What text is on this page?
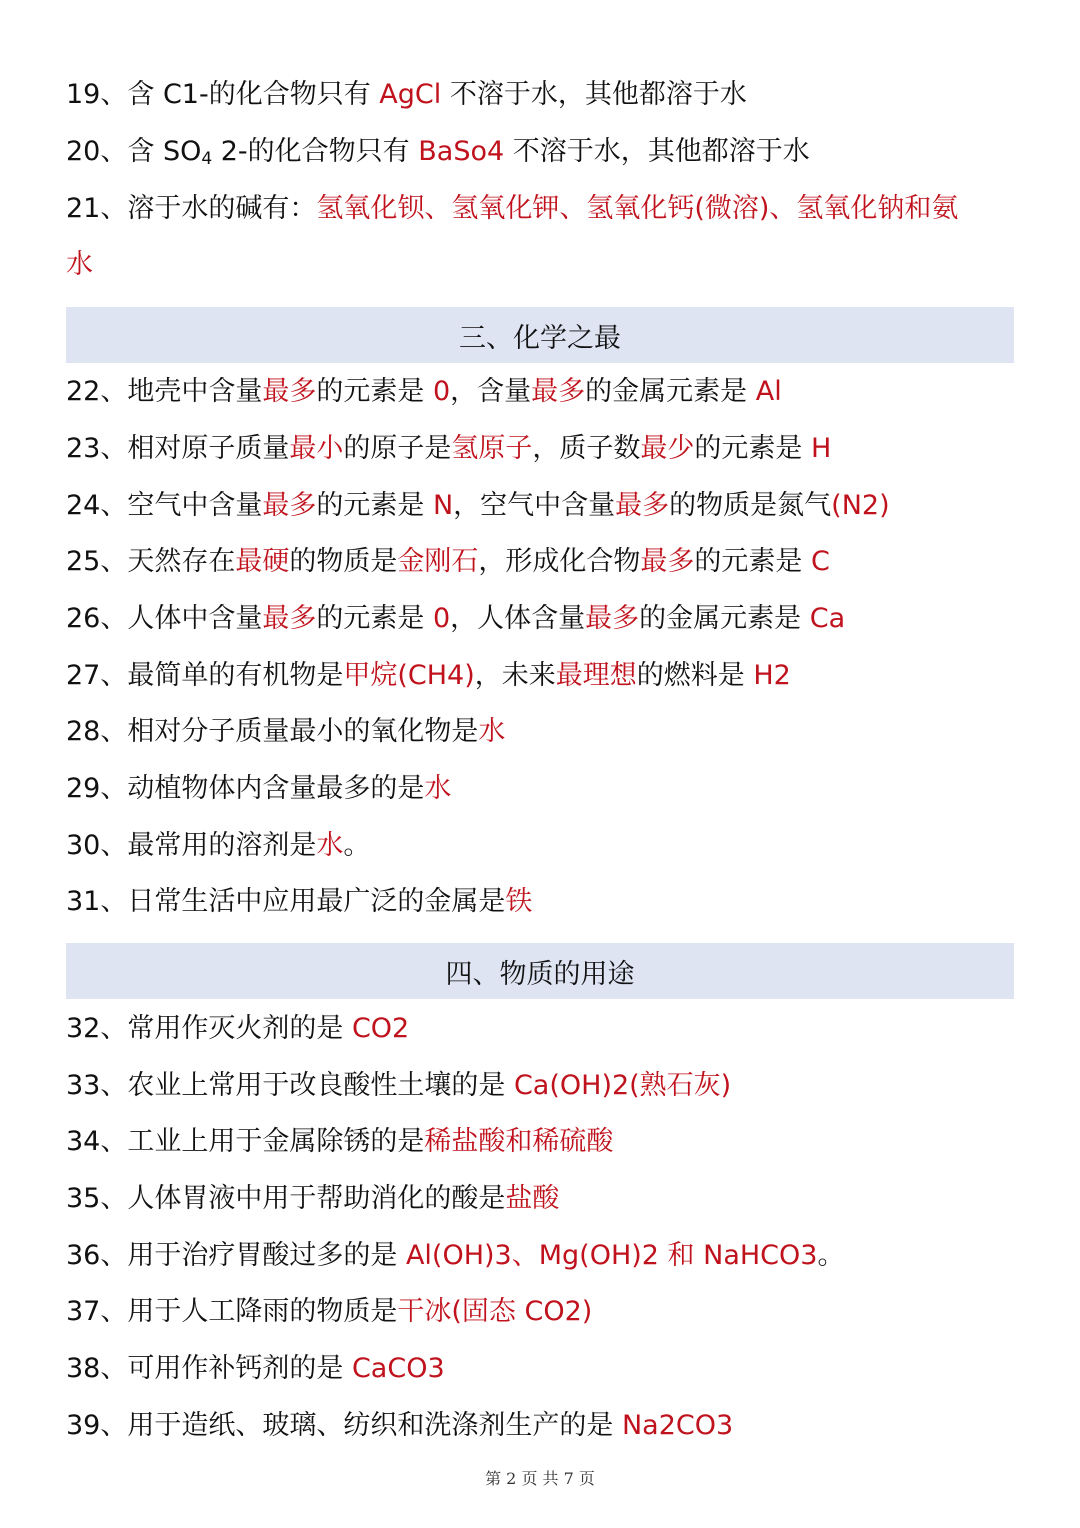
19、含 C1-的化合物只有 AgCl 不溶于水，其他都溶于水
20、含 $SO_4$ 2-的化合物只有 BaSo4 不溶于水，其他都溶于水
21、溶于水的碱有：氢氧化钡、氢氧化钾、氢氧化钙(微溶)、氢氧化钠和氨
水
三、化学之最
22、地壳中含量最多的元素是 0，含量最多的金属元素是 Al
23、相对原子质量最小的原子是氢原子，质子数最少的元素是 H
24、空气中含量最多的元素是 N，空气中含量最多的物质是氮气(N2)
25、天然存在最硬的物质是金刚石，形成化合物最多的元素是 C
26、人体中含量最多的元素是 0，人体含量最多的金属元素是 Ca
27、最简单的有机物是甲烷(CH4)，未来最理想的燃料是 H2
28、相对分子质量最小的氧化物是水
29、动植物体内含量最多的是水
30、最常用的溶剂是水。
31、日常生活中应用最广泛的金属是铁
四、物质的用途
32、常用作灭火剂的是 CO2
33、农业上常用于改良酸性土壤的是 Ca(OH)2(熟石灰)
34、工业上用于金属除锈的是稀盐酸和稀硫酸
35、人体胃液中用于帮助消化的酸是盐酸
36、用于治疗胃酸过多的是 Al(OH)3、Mg(OH)2 和 NaHCO3。
37、用于人工降雨的物质是干冰(固态 CO2)
38、可用作补钙剂的是 CaCO3
39、用于造纸、玻璃、纺织和洗涤剂生产的是 Na2CO3
第 2 页 共 7 页
